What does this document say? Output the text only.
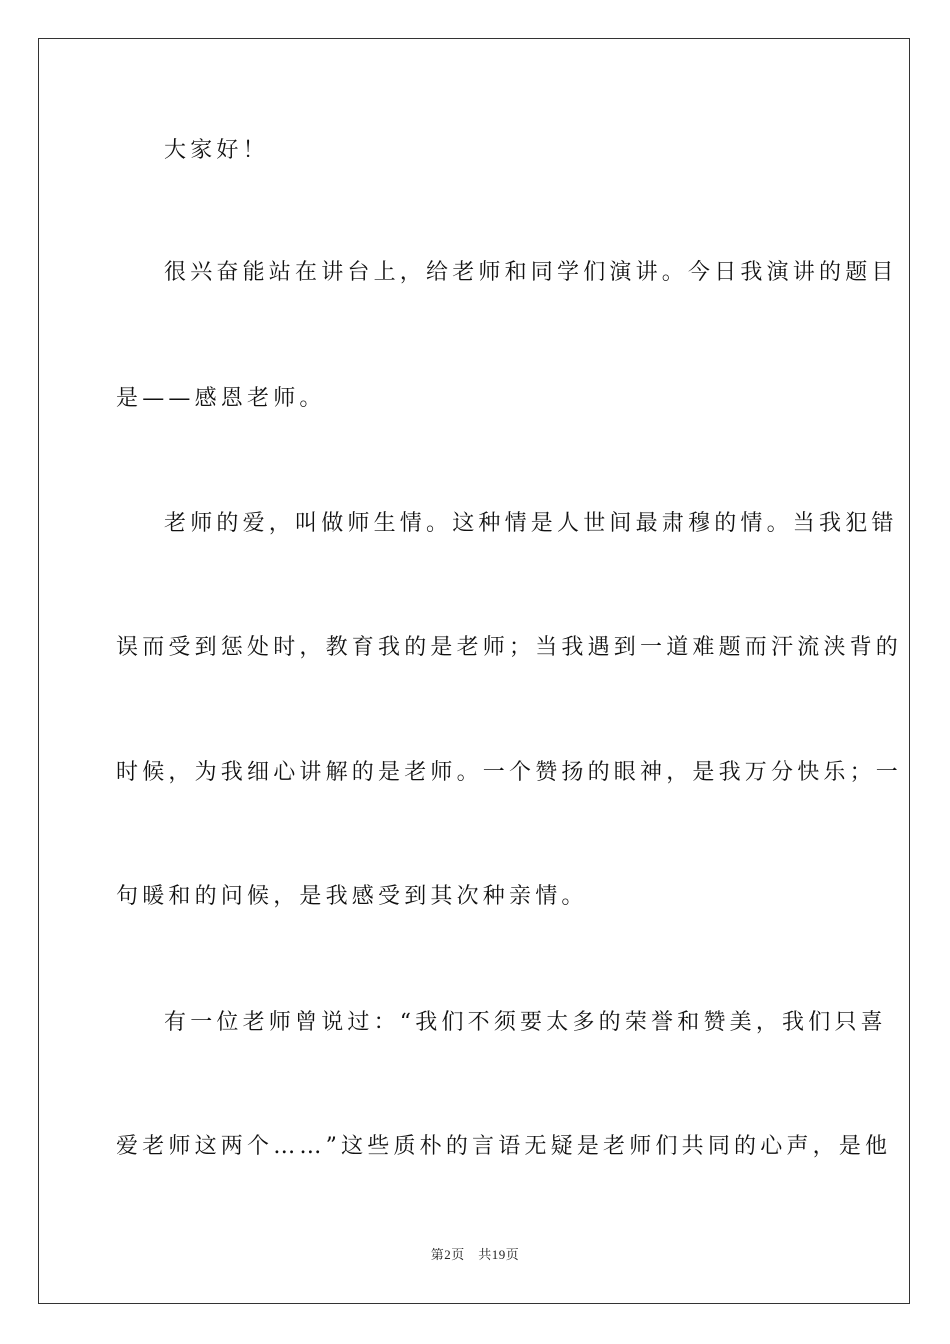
大家好！
很兴奋能站在讲台上，给老师和同学们演讲。今日我演讲的题目
是——感恩老师。
老师的爱，叫做师生情。这种情是人世间最肃穆的情。当我犯错
误而受到惩处时，教育我的是老师；当我遇到一道难题而汗流浃背的
时候，为我细心讲解的是老师。一个赞扬的眼神，是我万分快乐；一
句暖和的问候，是我感受到其次种亲情。
有一位老师曾说过：“我们不须要太多的荣誉和赞美，我们只喜
爱老师这两个……”这些质朴的言语无疑是老师们共同的心声，是他
第2页　共19页
